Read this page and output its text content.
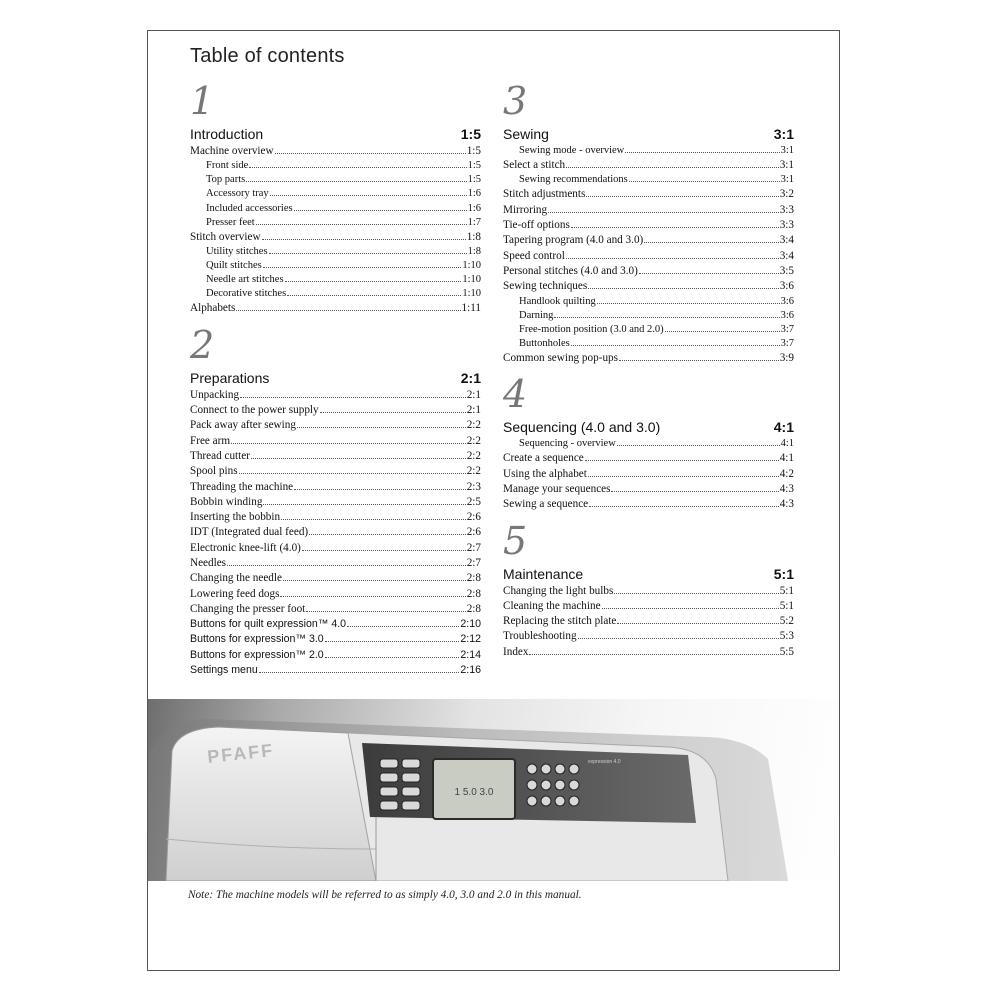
Table of contents
1
Introduction	1:5
Machine overview	1:5
Front side	1:5
Top parts	1:5
Accessory tray	1:6
Included accessories	1:6
Presser feet	1:7
Stitch overview	1:8
Utility stitches	1:8
Quilt stitches	1:10
Needle art stitches	1:10
Decorative stitches	1:10
Alphabets	1:11
2
Preparations	2:1
Unpacking	2:1
Connect to the power supply	2:1
Pack away after sewing	2:2
Free arm	2:2
Thread cutter	2:2
Spool pins	2:2
Threading the machine	2:3
Bobbin winding	2:5
Inserting the bobbin	2:6
IDT (Integrated dual feed)	2:6
Electronic knee-lift (4.0)	2:7
Needles	2:7
Changing the needle	2:8
Lowering feed dogs	2:8
Changing the presser foot	2:8
Buttons for quilt expression™ 4.0	2:10
Buttons for expression™ 3.0	2:12
Buttons for expression™ 2.0	2:14
Settings menu	2:16
3
Sewing	3:1
Sewing mode - overview	3:1
Select a stitch	3:1
Sewing recommendations	3:1
Stitch adjustments	3:2
Mirroring	3:3
Tie-off options	3:3
Tapering program (4.0 and 3.0)	3:4
Speed control	3:4
Personal stitches (4.0 and 3.0)	3:5
Sewing techniques	3:6
Handlook quilting	3:6
Darning	3:6
Free-motion position (3.0 and 2.0)	3:7
Buttonholes	3:7
Common sewing pop-ups	3:9
4
Sequencing (4.0 and 3.0)	4:1
Sequencing - overview	4:1
Create a sequence	4:1
Using the alphabet	4:2
Manage your sequences	4:3
Sewing a sequence	4:3
5
Maintenance	5:1
Changing the light bulbs	5:1
Cleaning the machine	5:1
Replacing the stitch plate	5:2
Troubleshooting	5:3
Index	5:5
1 5.0 3.0
expression 4.0
PFAFF

Note: The machine models will be referred to as simply 4.0, 3.0 and 2.0 in this manual.
